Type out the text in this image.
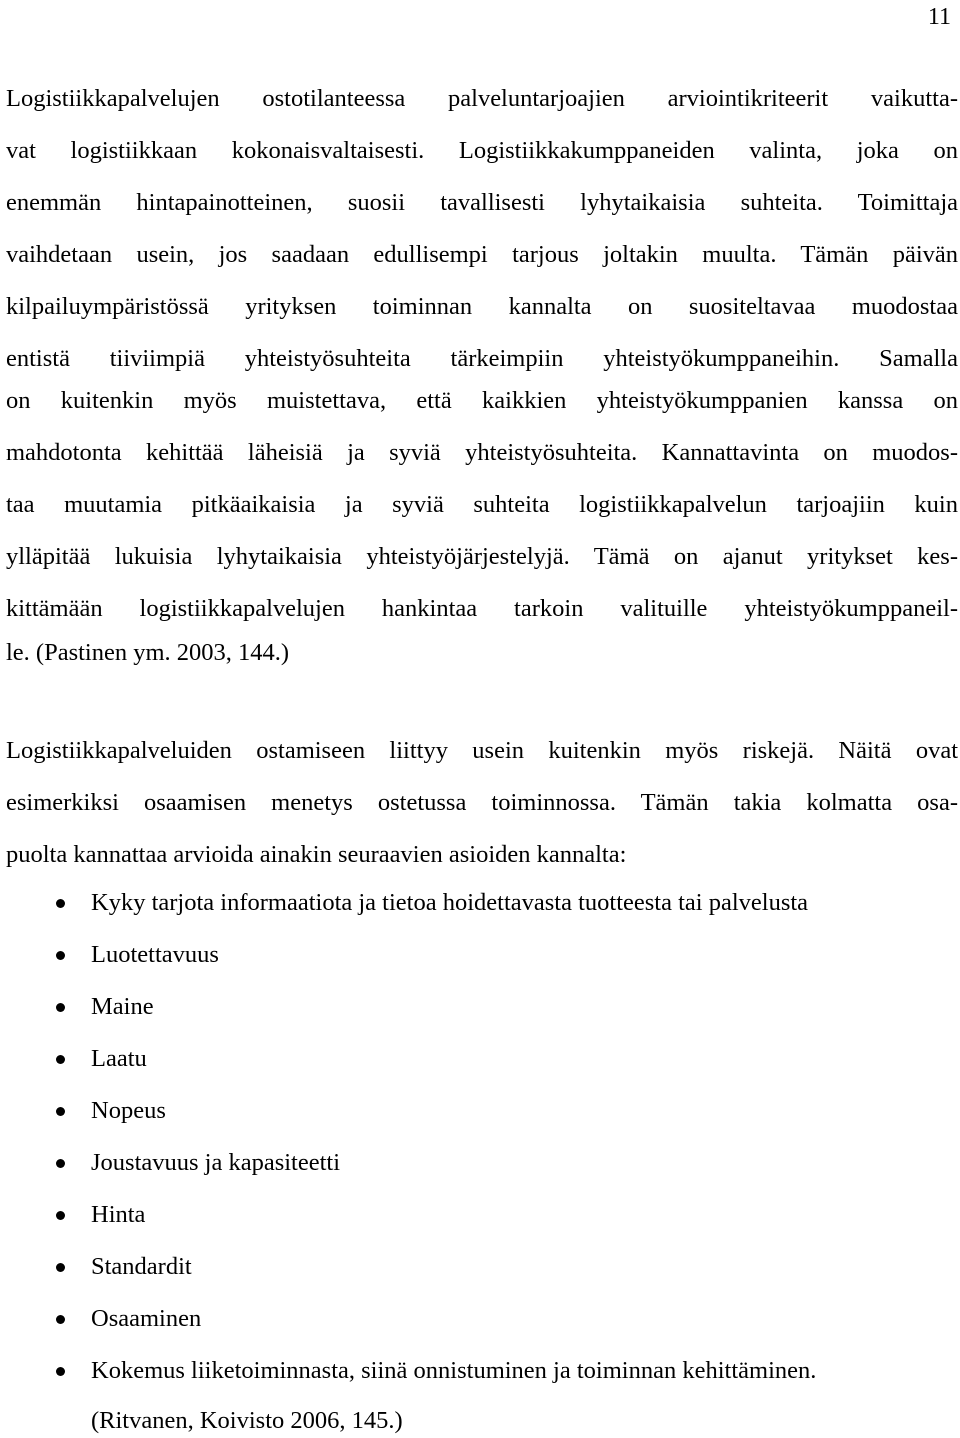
11
Logistiikkapalvelujen ostotilanteessa palveluntarjoajien arviointikriteerit vaikutta-
vat logistiikkaan kokonaisvaltaisesti. Logistiikkakumppaneiden valinta, joka on
enemmän hintapainotteinen, suosii tavallisesti lyhytaikaisia suhteita. Toimittaja
vaihdetaan usein, jos saadaan edullisempi tarjous joltakin muulta. Tämän päivän
kilpailuympäristössä yrityksen toiminnan kannalta on suositeltavaa muodostaa
entistä tiiviimpiä yhteistyösuhteita tärkeimpiin yhteistyökumppaneihin. Samalla
on kuitenkin myös muistettava, että kaikkien yhteistyökumppanien kanssa on
mahdotonta kehittää läheisiä ja syviä yhteistyösuhteita. Kannattavinta on muodos-
taa muutamia pitkäaikaisia ja syviä suhteita logistiikkapalvelun tarjoajiin kuin
ylläpitää lukuisia lyhytaikaisia yhteistyöjärjestelyjä. Tämä on ajanut yritykset kes-
kittämään logistiikkapalvelujen hankintaa tarkoin valituille yhteistyökumppaneil-
le. (Pastinen ym. 2003, 144.)
Logistiikkapalveluiden ostamiseen liittyy usein kuitenkin myös riskejä. Näitä ovat
esimerkiksi osaamisen menetys ostetussa toiminnossa. Tämän takia kolmatta osa-
puolta kannattaa arvioida ainakin seuraavien asioiden kannalta:
Kyky tarjota informaatiota ja tietoa hoidettavasta tuotteesta tai palvelusta
Luotettavuus
Maine
Laatu
Nopeus
Joustavuus ja kapasiteetti
Hinta
Standardit
Osaaminen
Kokemus liiketoiminnasta, siinä onnistuminen ja toiminnan kehittäminen.
(Ritvanen, Koivisto 2006, 145.)
